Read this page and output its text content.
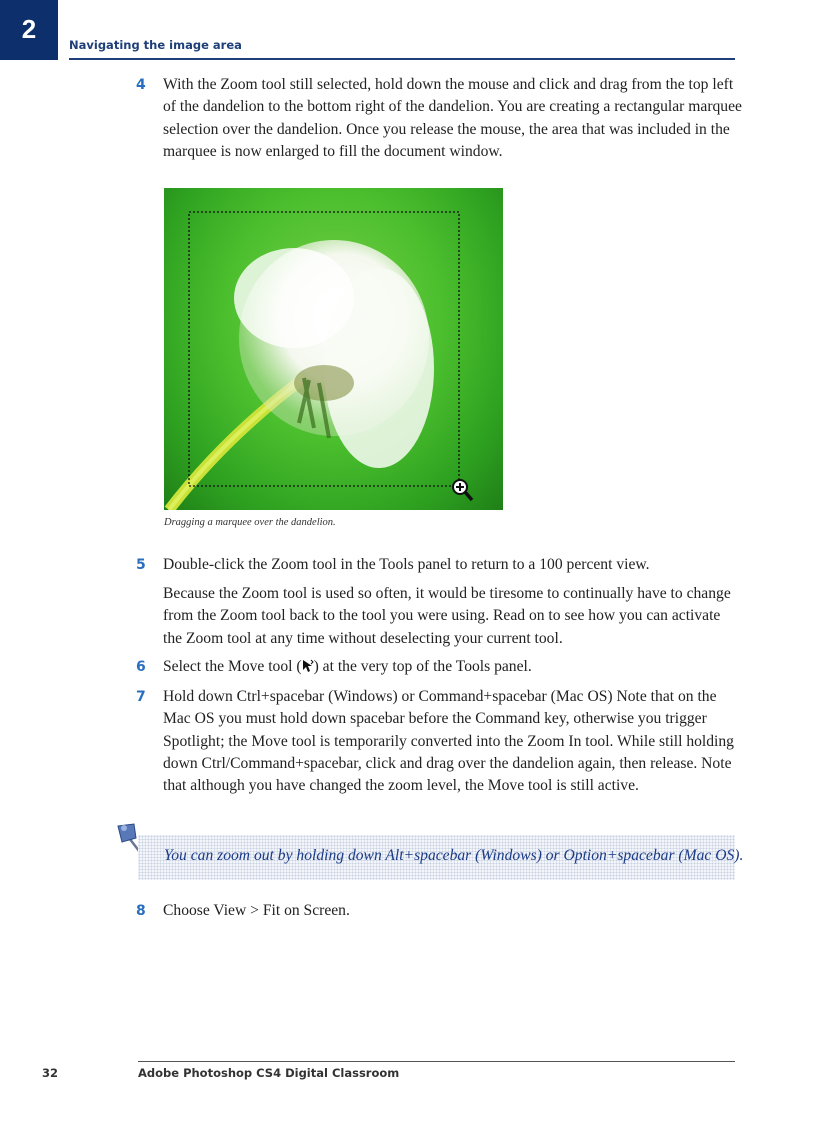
2
Navigating the image area
4 With the Zoom tool still selected, hold down the mouse and click and drag from the top left of the dandelion to the bottom right of the dandelion. You are creating a rectangular marquee selection over the dandelion. Once you release the mouse, the area that was included in the marquee is now enlarged to fill the document window.
Dragging a marquee over the dandelion.
5 Double-click the Zoom tool in the Tools panel to return to a 100 percent view.
Because the Zoom tool is used so often, it would be tiresome to continually have to change from the Zoom tool back to the tool you were using. Read on to see how you can activate the Zoom tool at any time without deselecting your current tool.
6 Select the Move tool ( ) at the very top of the Tools panel.
7 Hold down Ctrl+spacebar (Windows) or Command+spacebar (Mac OS) Note that on the Mac OS you must hold down spacebar before the Command key, otherwise you trigger Spotlight; the Move tool is temporarily converted into the Zoom In tool. While still holding down Ctrl/Command+spacebar, click and drag over the dandelion again, then release. Note that although you have changed the zoom level, the Move tool is still active.
You can zoom out by holding down Alt+spacebar (Windows) or Option+spacebar (Mac OS).
8 Choose View > Fit on Screen.
32	Adobe Photoshop CS4 Digital Classroom
